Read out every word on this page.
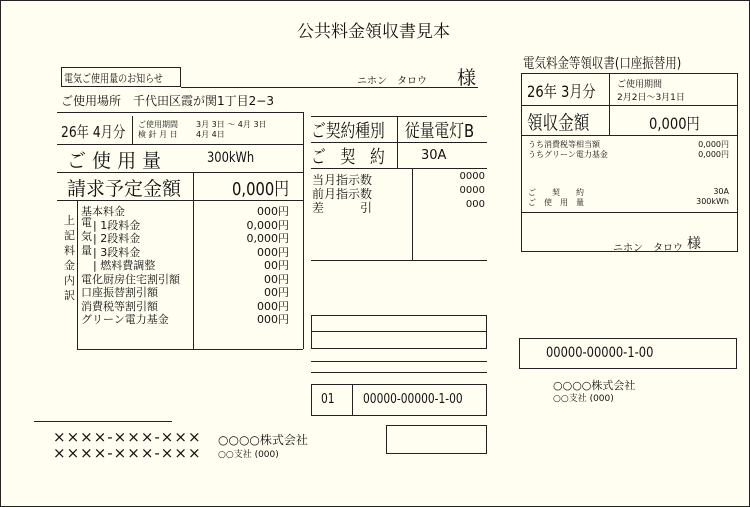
公共料金領収書見本
電気ご使用量のお知らせ	ニホン　タロウ 様
ご使用場所 千代田区霞が関1丁目2−3
26年 4月分	ご使用期間 3月 3日 〜 4月 3日
検 針 月 日 4月 4日
ご 使 用 量	300kWh
請求予定金額	0,000円
上記料金内訳
電気量
基本料金	000円
| 1段料金	0,000円
| 2段料金	0,000円
| 3段料金	000円
| 燃料費調整	00円
電化厨房住宅割引額	00円
口座振替割引額	00円
消費税等割引額	000円
グリーン電力基金	000円
ご契約種別	従量電灯B
ご　契　約	30A
当月指示数	0000
前月指示数	0000
差　　　引	000
01 00000-00000-1-00
××××-×××-×××
××××-×××-×××
○○○○株式会社
○○支社 (000)
電気料金等領収書(口座振替用)
26年 3月分	ご使用期間
2月2日〜3月1日
領収金額	0,000円
うち消費税等相当額	0,000円
うちグリーン電力基金	0,000円
ご　　契　　約	30A
ご　使　用　量	300kWh
ニホン　タロウ 様
00000-00000-1-00
○○○○株式会社
○○支社 (000)
